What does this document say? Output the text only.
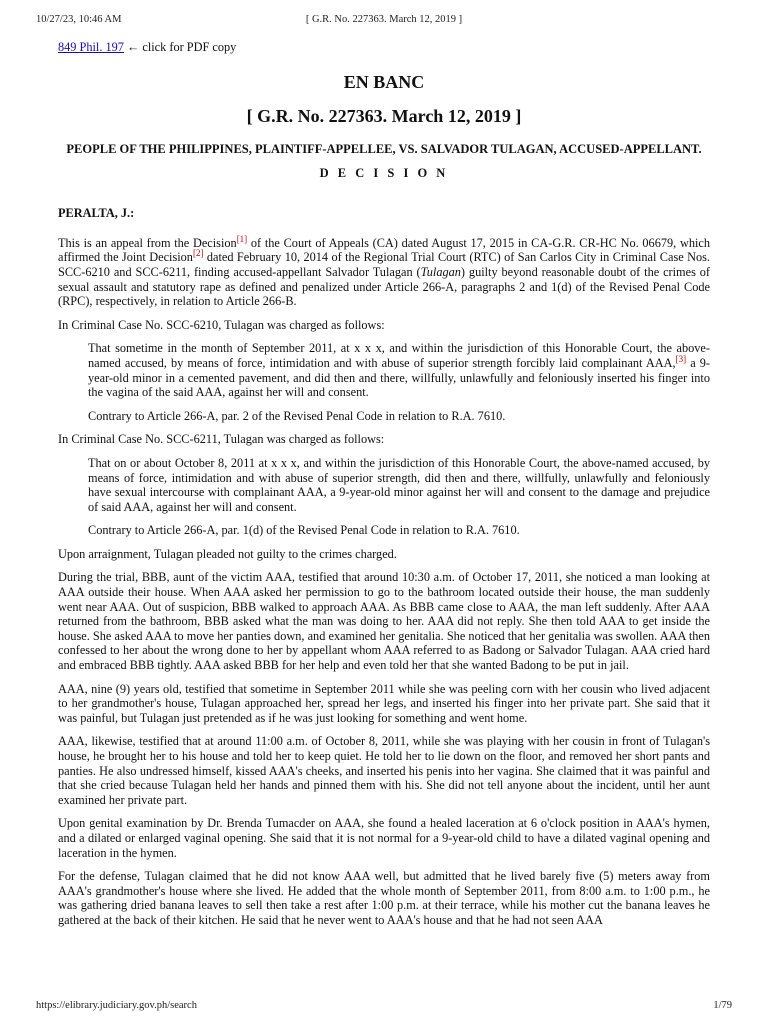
10/27/23, 10:46 AM	[ G.R. No. 227363. March 12, 2019 ]
849 Phil. 197 ← click for PDF copy
EN BANC
[ G.R. No. 227363. March 12, 2019 ]
PEOPLE OF THE PHILIPPINES, PLAINTIFF-APPELLEE, VS. SALVADOR TULAGAN, ACCUSED-APPELLANT.
D E C I S I O N

PERALTA, J.:

This is an appeal from the Decision[1] of the Court of Appeals (CA) dated August 17, 2015 in CA-G.R. CR-HC No. 06679, which affirmed the Joint Decision[2] dated February 10, 2014 of the Regional Trial Court (RTC) of San Carlos City in Criminal Case Nos. SCC-6210 and SCC-6211, finding accused-appellant Salvador Tulagan (Tulagan) guilty beyond reasonable doubt of the crimes of sexual assault and statutory rape as defined and penalized under Article 266-A, paragraphs 2 and 1(d) of the Revised Penal Code (RPC), respectively, in relation to Article 266-B.

In Criminal Case No. SCC-6210, Tulagan was charged as follows:

That sometime in the month of September 2011, at x x x, and within the jurisdiction of this Honorable Court, the above-named accused, by means of force, intimidation and with abuse of superior strength forcibly laid complainant AAA,[3] a 9-year-old minor in a cemented pavement, and did then and there, willfully, unlawfully and feloniously inserted his finger into the vagina of the said AAA, against her will and consent.

Contrary to Article 266-A, par. 2 of the Revised Penal Code in relation to R.A. 7610.

In Criminal Case No. SCC-6211, Tulagan was charged as follows:

That on or about October 8, 2011 at x x x, and within the jurisdiction of this Honorable Court, the above-named accused, by means of force, intimidation and with abuse of superior strength, did then and there, willfully, unlawfully and feloniously have sexual intercourse with complainant AAA, a 9-year-old minor against her will and consent to the damage and prejudice of said AAA, against her will and consent.

Contrary to Article 266-A, par. 1(d) of the Revised Penal Code in relation to R.A. 7610.

Upon arraignment, Tulagan pleaded not guilty to the crimes charged.

During the trial, BBB, aunt of the victim AAA, testified that around 10:30 a.m. of October 17, 2011, she noticed a man looking at AAA outside their house. When AAA asked her permission to go to the bathroom located outside their house, the man suddenly went near AAA. Out of suspicion, BBB walked to approach AAA. As BBB came close to AAA, the man left suddenly. After AAA returned from the bathroom, BBB asked what the man was doing to her. AAA did not reply. She then told AAA to get inside the house. She asked AAA to move her panties down, and examined her genitalia. She noticed that her genitalia was swollen. AAA then confessed to her about the wrong done to her by appellant whom AAA referred to as Badong or Salvador Tulagan. AAA cried hard and embraced BBB tightly. AAA asked BBB for her help and even told her that she wanted Badong to be put in jail.

AAA, nine (9) years old, testified that sometime in September 2011 while she was peeling corn with her cousin who lived adjacent to her grandmother's house, Tulagan approached her, spread her legs, and inserted his finger into her private part. She said that it was painful, but Tulagan just pretended as if he was just looking for something and went home.

AAA, likewise, testified that at around 11:00 a.m. of October 8, 2011, while she was playing with her cousin in front of Tulagan's house, he brought her to his house and told her to keep quiet. He told her to lie down on the floor, and removed her short pants and panties. He also undressed himself, kissed AAA's cheeks, and inserted his penis into her vagina. She claimed that it was painful and that she cried because Tulagan held her hands and pinned them with his. She did not tell anyone about the incident, until her aunt examined her private part.

Upon genital examination by Dr. Brenda Tumacder on AAA, she found a healed laceration at 6 o'clock position in AAA's hymen, and a dilated or enlarged vaginal opening. She said that it is not normal for a 9-year-old child to have a dilated vaginal opening and laceration in the hymen.

For the defense, Tulagan claimed that he did not know AAA well, but admitted that he lived barely five (5) meters away from AAA's grandmother's house where she lived. He added that the whole month of September 2011, from 8:00 a.m. to 1:00 p.m., he was gathering dried banana leaves to sell then take a rest after 1:00 p.m. at their terrace, while his mother cut the banana leaves he gathered at the back of their kitchen. He said that he never went to AAA's house and that he had not seen AAA

https://elibrary.judiciary.gov.ph/search	1/79
